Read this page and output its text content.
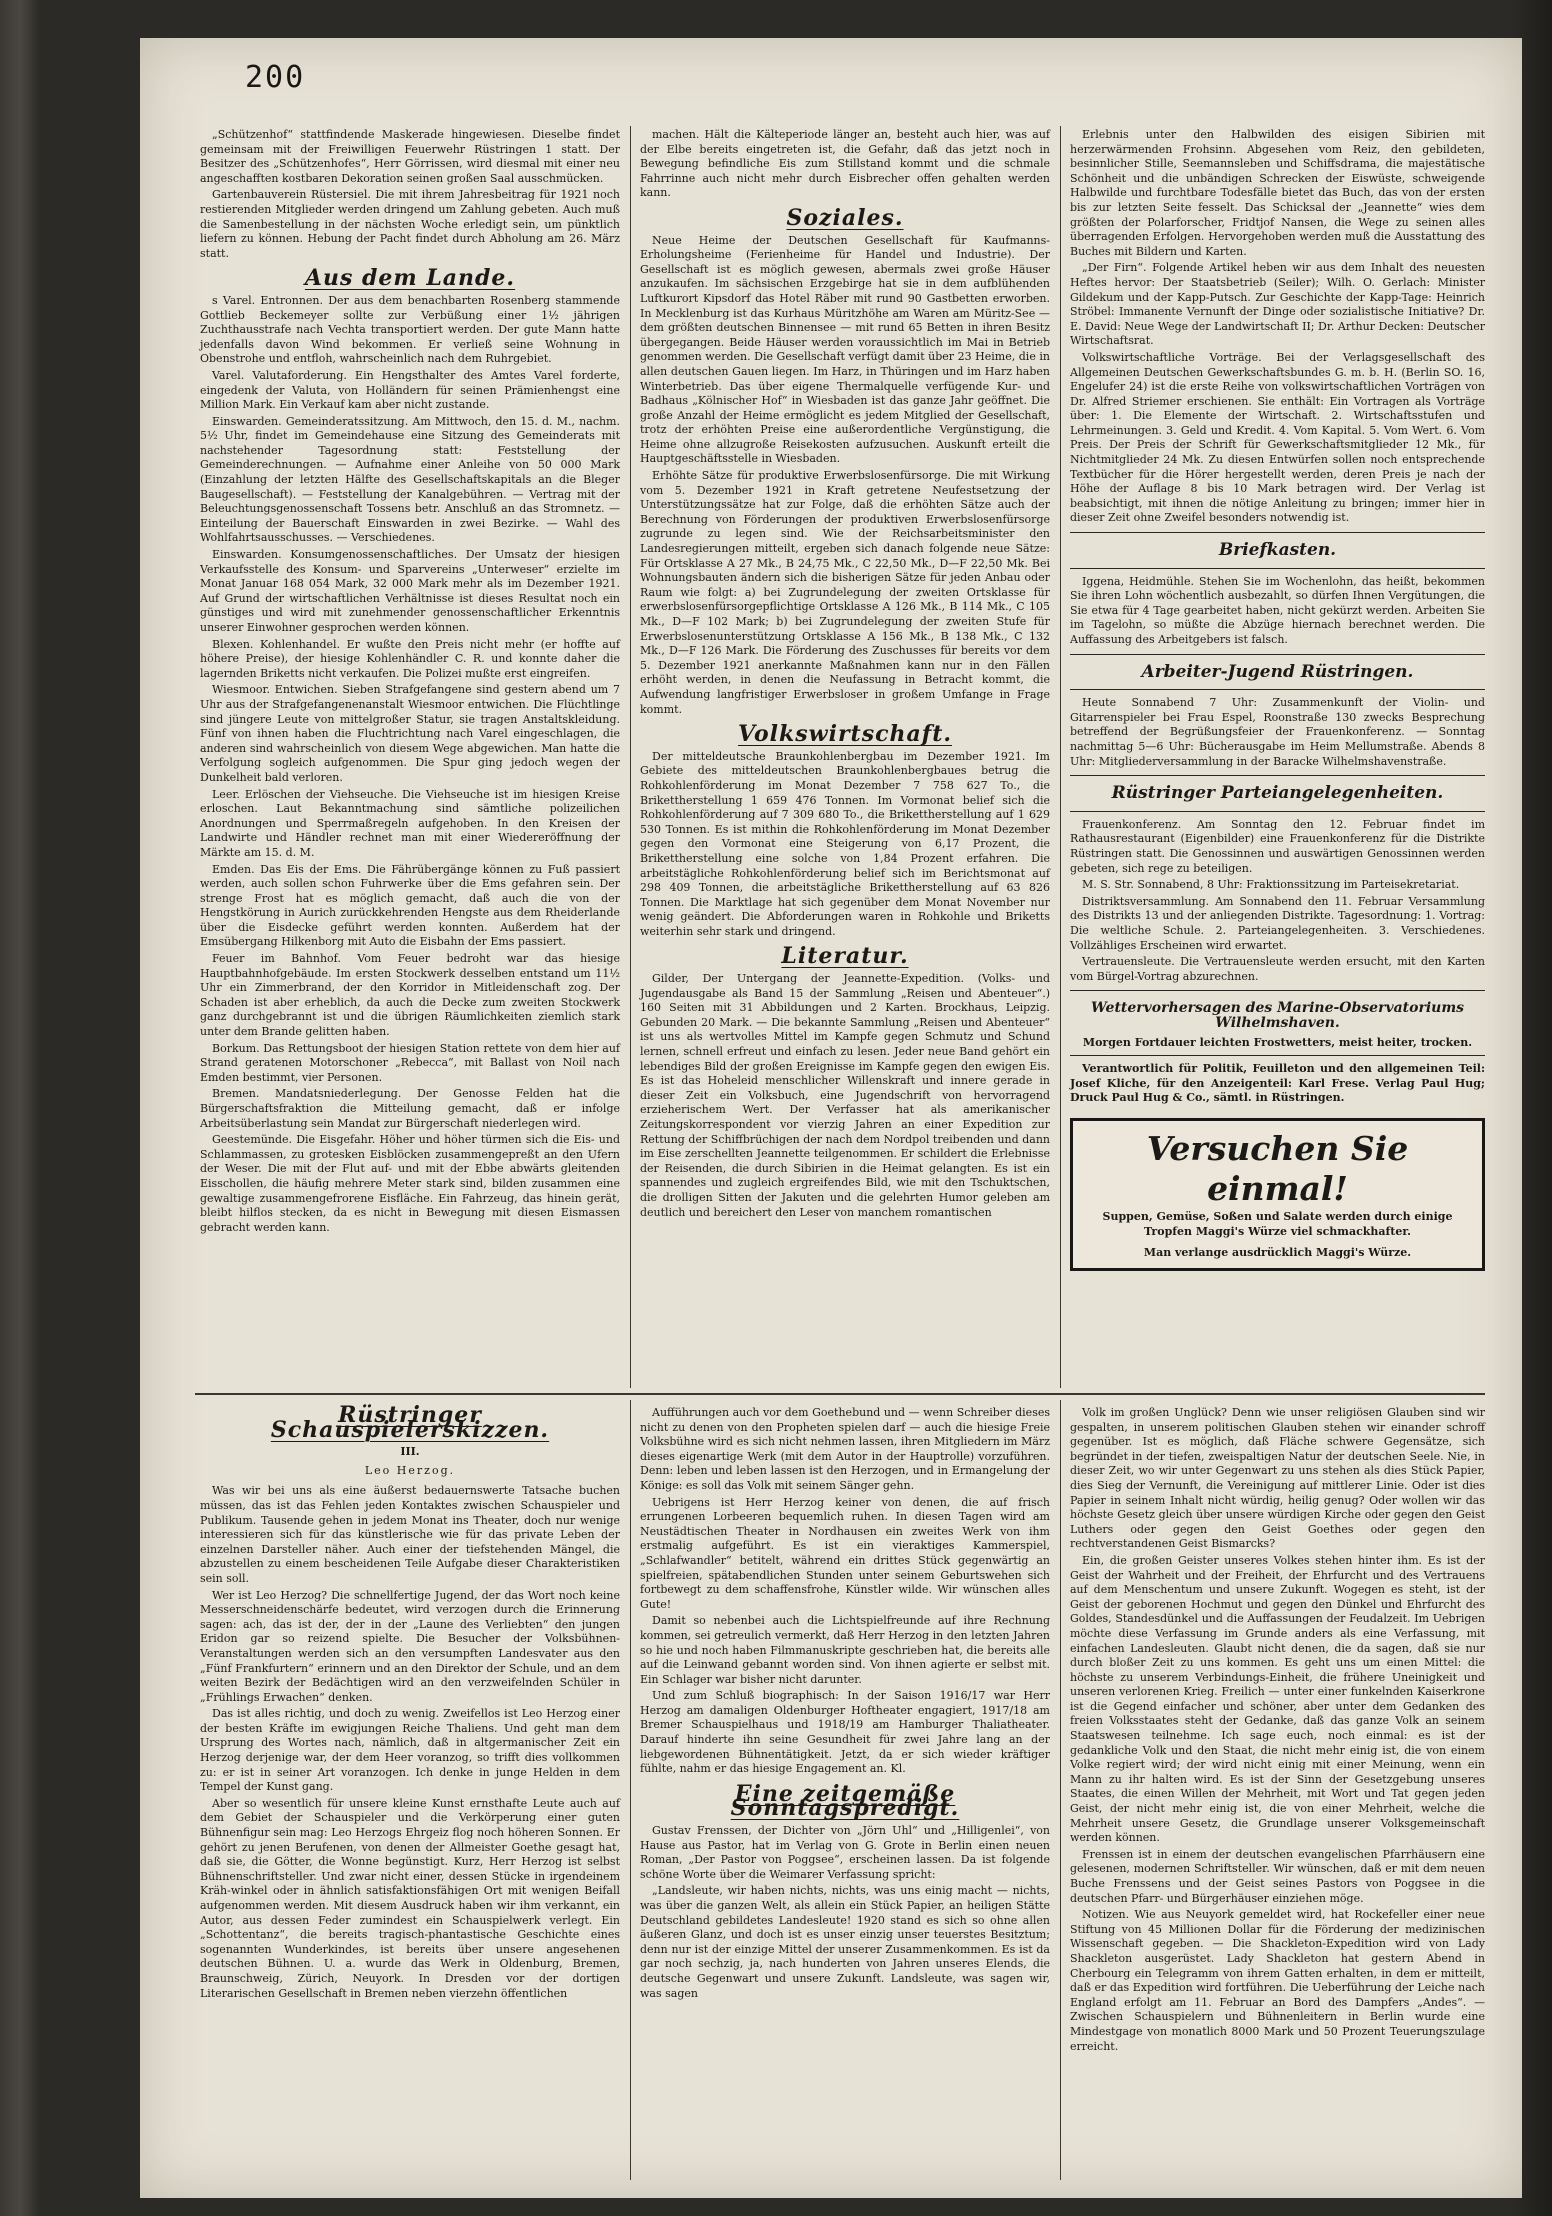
200

„Schützenhof“ stattfindende Maskerade hingewiesen. Dieselbe findet gemeinsam mit der Freiwilligen Feuerwehr Rüstringen 1 statt. Der Besitzer des „Schützenhofes“, Herr Görrissen, wird diesmal mit einer neu angeschafften kostbaren Dekoration seinen großen Saal ausschmücken.

Gartenbauverein Rüstersiel. Die mit ihrem Jahresbeitrag für 1921 noch restierenden Mitglieder werden dringend um Zahlung gebeten. Auch muß die Samenbestellung in der nächsten Woche erledigt sein, um pünktlich liefern zu können. Hebung der Pacht findet durch Abholung am 26. März statt.

Aus dem Lande.

s Varel. Entronnen. Der aus dem benachbarten Rosenberg stammende Gottlieb Beckemeyer sollte zur Verbüßung einer 1½ jährigen Zuchthausstrafe nach Vechta transportiert werden. Der gute Mann hatte jedenfalls davon Wind bekommen. Er verließ seine Wohnung in Obenstrohe und entfloh, wahrscheinlich nach dem Ruhrgebiet.

Varel. Valutaforderung. Ein Hengsthalter des Amtes Varel forderte, eingedenk der Valuta, von Holländern für seinen Prämienhengst eine Million Mark. Ein Verkauf kam aber nicht zustande.

Einswarden. Gemeinderatssitzung. Am Mittwoch, den 15. d. M., nachm. 5½ Uhr, findet im Gemeindehause eine Sitzung des Gemeinderats mit nachstehender Tagesordnung statt: Feststellung der Gemeinderechnungen. — Aufnahme einer Anleihe von 50 000 Mark (Einzahlung der letzten Hälfte des Gesellschaftskapitals an die Bleger Baugesellschaft). — Feststellung der Kanalgebühren. — Vertrag mit der Beleuchtungsgenossenschaft Tossens betr. Anschluß an das Stromnetz. — Einteilung der Bauerschaft Einswarden in zwei Bezirke. — Wahl des Wohlfahrtsausschusses. — Verschiedenes.

Einswarden. Konsumgenossenschaftliches. Der Umsatz der hiesigen Verkaufsstelle des Konsum- und Sparvereins „Unterweser“ erzielte im Monat Januar 168 054 Mark, 32 000 Mark mehr als im Dezember 1921. Auf Grund der wirtschaftlichen Verhältnisse ist dieses Resultat noch ein günstiges und wird mit zunehmender genossenschaftlicher Erkenntnis unserer Einwohner gesprochen werden können.

Blexen. Kohlenhandel. Er wußte den Preis nicht mehr (er hoffte auf höhere Preise), der hiesige Kohlenhändler C. R. und konnte daher die lagernden Briketts nicht verkaufen. Die Polizei mußte erst eingreifen.

Wiesmoor. Entwichen. Sieben Strafgefangene sind gestern abend um 7 Uhr aus der Strafgefangenenanstalt Wiesmoor entwichen. Die Flüchtlinge sind jüngere Leute von mittelgroßer Statur, sie tragen Anstaltskleidung. Fünf von ihnen haben die Fluchtrichtung nach Varel eingeschlagen, die anderen sind wahrscheinlich von diesem Wege abgewichen. Man hatte die Verfolgung sogleich aufgenommen. Die Spur ging jedoch wegen der Dunkelheit bald verloren.

Leer. Erlöschen der Viehseuche. Die Viehseuche ist im hiesigen Kreise erloschen. Laut Bekanntmachung sind sämtliche polizeilichen Anordnungen und Sperrmaßregeln aufgehoben. In den Kreisen der Landwirte und Händler rechnet man mit einer Wiedereröffnung der Märkte am 15. d. M.

Emden. Das Eis der Ems. Die Fährübergänge können zu Fuß passiert werden, auch sollen schon Fuhrwerke über die Ems gefahren sein. Der strenge Frost hat es möglich gemacht, daß auch die von der Hengstkörung in Aurich zurückkehrenden Hengste aus dem Rheiderlande über die Eisdecke geführt werden konnten. Außerdem hat der Emsübergang Hilkenborg mit Auto die Eisbahn der Ems passiert.

Feuer im Bahnhof. Vom Feuer bedroht war das hiesige Hauptbahnhofgebäude. Im ersten Stockwerk desselben entstand um 11½ Uhr ein Zimmerbrand, der den Korridor in Mitleidenschaft zog. Der Schaden ist aber erheblich, da auch die Decke zum zweiten Stockwerk ganz durchgebrannt ist und die übrigen Räumlichkeiten ziemlich stark unter dem Brande gelitten haben.

Borkum. Das Rettungsboot der hiesigen Station rettete von dem hier auf Strand geratenen Motorschoner „Rebecca“, mit Ballast von Noil nach Emden bestimmt, vier Personen.

Bremen. Mandatsniederlegung. Der Genosse Felden hat die Bürgerschaftsfraktion die Mitteilung gemacht, daß er infolge Arbeitsüberlastung sein Mandat zur Bürgerschaft niederlegen wird.

Geestemünde. Die Eisgefahr. Höher und höher türmen sich die Eis- und Schlammassen, zu grotesken Eisblöcken zusammengepreßt an den Ufern der Weser. Die mit der Flut auf- und mit der Ebbe abwärts gleitenden Eisschollen, die häufig mehrere Meter stark sind, bilden zusammen eine gewaltige zusammengefrorene Eisfläche. Ein Fahrzeug, das hinein gerät, bleibt hilflos stecken, da es nicht in Bewegung mit diesen Eismassen gebracht werden kann.

machen. Hält die Kälteperiode länger an, besteht auch hier, was auf der Elbe bereits eingetreten ist, die Gefahr, daß das jetzt noch in Bewegung befindliche Eis zum Stillstand kommt und die schmale Fahrrinne auch nicht mehr durch Eisbrecher offen gehalten werden kann.

Soziales.

Neue Heime der Deutschen Gesellschaft für Kaufmanns-Erholungsheime (Ferienheime für Handel und Industrie). Der Gesellschaft ist es möglich gewesen, abermals zwei große Häuser anzukaufen. Im sächsischen Erzgebirge hat sie in dem aufblühenden Luftkurort Kipsdorf das Hotel Räber mit rund 90 Gastbetten erworben. In Mecklenburg ist das Kurhaus Müritzhöhe am Waren am Müritz-See — dem größten deutschen Binnensee — mit rund 65 Betten in ihren Besitz übergegangen. Beide Häuser werden voraussichtlich im Mai in Betrieb genommen werden. Die Gesellschaft verfügt damit über 23 Heime, die in allen deutschen Gauen liegen. Im Harz, in Thüringen und im Harz haben Winterbetrieb. Das über eigene Thermalquelle verfügende Kur- und Badhaus „Kölnischer Hof“ in Wiesbaden ist das ganze Jahr geöffnet. Die große Anzahl der Heime ermöglicht es jedem Mitglied der Gesellschaft, trotz der erhöhten Preise eine außerordentliche Vergünstigung, die Heime ohne allzugroße Reisekosten aufzusuchen. Auskunft erteilt die Hauptgeschäftsstelle in Wiesbaden.

Erhöhte Sätze für produktive Erwerbslosenfürsorge. Die mit Wirkung vom 5. Dezember 1921 in Kraft getretene Neufestsetzung der Unterstützungssätze hat zur Folge, daß die erhöhten Sätze auch der Berechnung von Förderungen der produktiven Erwerbslosenfürsorge zugrunde zu legen sind. Wie der Reichsarbeitsminister den Landesregierungen mitteilt, ergeben sich danach folgende neue Sätze: Für Ortsklasse A 27 Mk., B 24,75 Mk., C 22,50 Mk., D—F 22,50 Mk. Bei Wohnungsbauten ändern sich die bisherigen Sätze für jeden Anbau oder Raum wie folgt: a) bei Zugrundelegung der zweiten Ortsklasse für erwerbslosenfürsorgepflichtige Ortsklasse A 126 Mk., B 114 Mk., C 105 Mk., D—F 102 Mark; b) bei Zugrundelegung der zweiten Stufe für Erwerbslosenunterstützung Ortsklasse A 156 Mk., B 138 Mk., C 132 Mk., D—F 126 Mark. Die Förderung des Zuschusses für bereits vor dem 5. Dezember 1921 anerkannte Maßnahmen kann nur in den Fällen erhöht werden, in denen die Neufassung in Betracht kommt, die Aufwendung langfristiger Erwerbsloser in großem Umfange in Frage kommt.

Volkswirtschaft.

Der mitteldeutsche Braunkohlenbergbau im Dezember 1921. Im Gebiete des mitteldeutschen Braunkohlenbergbaues betrug die Rohkohlenförderung im Monat Dezember 7 758 627 To., die Brikettherstellung 1 659 476 Tonnen. Im Vormonat belief sich die Rohkohlenförderung auf 7 309 680 To., die Brikettherstellung auf 1 629 530 Tonnen. Es ist mithin die Rohkohlenförderung im Monat Dezember gegen den Vormonat eine Steigerung von 6,17 Prozent, die Brikettherstellung eine solche von 1,84 Prozent erfahren. Die arbeitstägliche Rohkohlenförderung belief sich im Berichtsmonat auf 298 409 Tonnen, die arbeitstägliche Brikettherstellung auf 63 826 Tonnen. Die Marktlage hat sich gegenüber dem Monat November nur wenig geändert. Die Abforderungen waren in Rohkohle und Briketts weiterhin sehr stark und dringend.

Literatur.

Gilder, Der Untergang der Jeannette-Expedition. (Volks- und Jugendausgabe als Band 15 der Sammlung „Reisen und Abenteuer“.) 160 Seiten mit 31 Abbildungen und 2 Karten. Brockhaus, Leipzig. Gebunden 20 Mark. — Die bekannte Sammlung „Reisen und Abenteuer“ ist uns als wertvolles Mittel im Kampfe gegen Schmutz und Schund lernen, schnell erfreut und einfach zu lesen. Jeder neue Band gehört ein lebendiges Bild der großen Ereignisse im Kampfe gegen den ewigen Eis. Es ist das Hoheleid menschlicher Willenskraft und innere gerade in dieser Zeit ein Volksbuch, eine Jugendschrift von hervorragend erzieherischem Wert. Der Verfasser hat als amerikanischer Zeitungskorrespondent vor vierzig Jahren an einer Expedition zur Rettung der Schiffbrüchigen der nach dem Nordpol treibenden und dann im Eise zerschellten Jeannette teilgenommen. Er schildert die Erlebnisse der Reisenden, die durch Sibirien in die Heimat gelangten. Es ist ein spannendes und zugleich ergreifendes Bild, wie mit den Tschuktschen, die drolligen Sitten der Jakuten und die gelehrten Humor geleben am deutlich und bereichert den Leser von manchem romantischen

Erlebnis unter den Halbwilden des eisigen Sibirien mit herzerwärmenden Frohsinn. Abgesehen vom Reiz, den gebildeten, besinnlicher Stille, Seemannsleben und Schiffsdrama, die majestätische Schönheit und die unbändigen Schrecken der Eiswüste, schweigende Halbwilde und furchtbare Todesfälle bietet das Buch, das von der ersten bis zur letzten Seite fesselt. Das Schicksal der „Jeannette“ wies dem größten der Polarforscher, Fridtjof Nansen, die Wege zu seinen alles überragenden Erfolgen. Hervorgehoben werden muß die Ausstattung des Buches mit Bildern und Karten.

„Der Firn“. Folgende Artikel heben wir aus dem Inhalt des neuesten Heftes hervor: Der Staatsbetrieb (Seiler); Wilh. O. Gerlach: Minister Gildekum und der Kapp-Putsch. Zur Geschichte der Kapp-Tage: Heinrich Ströbel: Immanente Vernunft der Dinge oder sozialistische Initiative? Dr. E. David: Neue Wege der Landwirtschaft II; Dr. Arthur Decken: Deutscher Wirtschaftsrat.

Volkswirtschaftliche Vorträge. Bei der Verlagsgesellschaft des Allgemeinen Deutschen Gewerkschaftsbundes G. m. b. H. (Berlin SO. 16, Engelufer 24) ist die erste Reihe von volkswirtschaftlichen Vorträgen von Dr. Alfred Striemer erschienen. Sie enthält: Ein Vortragen als Vorträge über: 1. Die Elemente der Wirtschaft. 2. Wirtschaftsstufen und Lehrmeinungen. 3. Geld und Kredit. 4. Vom Kapital. 5. Vom Wert. 6. Vom Preis. Der Preis der Schrift für Gewerkschaftsmitglieder 12 Mk., für Nichtmitglieder 24 Mk. Zu diesen Entwürfen sollen noch entsprechende Textbücher für die Hörer hergestellt werden, deren Preis je nach der Höhe der Auflage 8 bis 10 Mark betragen wird. Der Verlag ist beabsichtigt, mit ihnen die nötige Anleitung zu bringen; immer hier in dieser Zeit ohne Zweifel besonders notwendig ist.

Briefkasten.

Iggena, Heidmühle. Stehen Sie im Wochenlohn, das heißt, bekommen Sie ihren Lohn wöchentlich ausbezahlt, so dürfen Ihnen Vergütungen, die Sie etwa für 4 Tage gearbeitet haben, nicht gekürzt werden. Arbeiten Sie im Tagelohn, so müßte die Abzüge hiernach berechnet werden. Die Auffassung des Arbeitgebers ist falsch.

Arbeiter-Jugend Rüstringen.

Heute Sonnabend 7 Uhr: Zusammenkunft der Violin- und Gitarrenspieler bei Frau Espel, Roonstraße 130 zwecks Besprechung betreffend der Begrüßungsfeier der Frauenkonferenz. — Sonntag nachmittag 5—6 Uhr: Bücherausgabe im Heim Mellumstraße. Abends 8 Uhr: Mitgliederversammlung in der Baracke Wilhelmshavenstraße.

Rüstringer Parteiangelegenheiten.

Frauenkonferenz. Am Sonntag den 12. Februar findet im Rathausrestaurant (Eigenbilder) eine Frauenkonferenz für die Distrikte Rüstringen statt. Die Genossinnen und auswärtigen Genossinnen werden gebeten, sich rege zu beteiligen.

M. S. Str. Sonnabend, 8 Uhr: Fraktionssitzung im Parteisekretariat.

Distriktsversammlung. Am Sonnabend den 11. Februar Versammlung des Distrikts 13 und der anliegenden Distrikte. Tagesordnung: 1. Vortrag: Die weltliche Schule. 2. Parteiangelegenheiten. 3. Verschiedenes. Vollzähliges Erscheinen wird erwartet.

Vertrauensleute. Die Vertrauensleute werden ersucht, mit den Karten vom Bürgel-Vortrag abzurechnen.

Wettervorhersagen des Marine-Observatoriums Wilhelmshaven.
Morgen Fortdauer leichten Frostwetters, meist heiter, trocken.

Verantwortlich für Politik, Feuilleton und den allgemeinen Teil: Josef Kliche, für den Anzeigenteil: Karl Frese. Verlag Paul Hug; Druck Paul Hug & Co., sämtl. in Rüstringen.

Versuchen Sie einmal!
Suppen, Gemüse, Soßen und Salate werden durch einige Tropfen Maggi's Würze viel schmackhafter.
Man verlange ausdrücklich Maggi's Würze.
Rüstringer Schauspielerskizzen.
III.
Leo Herzog.

Was wir bei uns als eine äußerst bedauernswerte Tatsache buchen müssen, das ist das Fehlen jeden Kontaktes zwischen Schauspieler und Publikum. Tausende gehen in jedem Monat ins Theater, doch nur wenige interessieren sich für das künstlerische wie für das private Leben der einzelnen Darsteller näher. Auch einer der tiefstehenden Mängel, die abzustellen zu einem bescheidenen Teile Aufgabe dieser Charakteristiken sein soll.

Wer ist Leo Herzog? Die schnellfertige Jugend, der das Wort noch keine Messerschneidenschärfe bedeutet, wird verzogen durch die Erinnerung sagen: ach, das ist der, der in der „Laune des Verliebten“ den jungen Eridon gar so reizend spielte. Die Besucher der Volksbühnen-Veranstaltungen werden sich an den versumpften Landesvater aus den „Fünf Frankfurtern“ erinnern und an den Direktor der Schule, und an dem weiten Bezirk der Bedächtigen wird an den verzweifelnden Schüler in „Frühlings Erwachen“ denken.

Das ist alles richtig, und doch zu wenig. Zweifellos ist Leo Herzog einer der besten Kräfte im ewigjungen Reiche Thaliens. Und geht man dem Ursprung des Wortes nach, nämlich, daß in altgermanischer Zeit ein Herzog derjenige war, der dem Heer voranzog, so trifft dies vollkommen zu: er ist in seiner Art voranzogen. Ich denke in junge Helden in dem Tempel der Kunst gang.

Aber so wesentlich für unsere kleine Kunst ernsthafte Leute auch auf dem Gebiet der Schauspieler und die Verkörperung einer guten Bühnenfigur sein mag: Leo Herzogs Ehrgeiz flog noch höheren Sonnen. Er gehört zu jenen Berufenen, von denen der Allmeister Goethe gesagt hat, daß sie, die Götter, die Wonne begünstigt. Kurz, Herr Herzog ist selbst Bühnenschriftsteller. Und zwar nicht einer, dessen Stücke in irgendeinem Kräh-winkel oder in ähnlich satisfaktionsfähigen Ort mit wenigen Beifall aufgenommen werden. Mit diesem Ausdruck haben wir ihm verkannt, ein Autor, aus dessen Feder zumindest ein Schauspielwerk verlegt. Ein „Schottentanz“, die bereits tragisch-phantastische Geschichte eines sogenannten Wunderkindes, ist bereits über unsere angesehenen deutschen Bühnen. U. a. wurde das Werk in Oldenburg, Bremen, Braunschweig, Zürich, Neuyork. In Dresden vor der dortigen Literarischen Gesellschaft in Bremen neben vierzehn öffentlichen

Aufführungen auch vor dem Goethebund und — wenn Schreiber dieses nicht zu denen von den Propheten spielen darf — auch die hiesige Freie Volksbühne wird es sich nicht nehmen lassen, ihren Mitgliedern im März dieses eigenartige Werk (mit dem Autor in der Hauptrolle) vorzuführen. Denn: leben und leben lassen ist den Herzogen, und in Ermangelung der Könige: es soll das Volk mit seinem Sänger gehn.

Uebrigens ist Herr Herzog keiner von denen, die auf frisch errungenen Lorbeeren bequemlich ruhen. In diesen Tagen wird am Neustädtischen Theater in Nordhausen ein zweites Werk von ihm erstmalig aufgeführt. Es ist ein vieraktiges Kammerspiel, „Schlafwandler“ betitelt, während ein drittes Stück gegenwärtig an spielfreien, spätabendlichen Stunden unter seinem Geburtswehen sich fortbewegt zu dem schaffensfrohe, Künstler wilde. Wir wünschen alles Gute!

Damit so nebenbei auch die Lichtspielfreunde auf ihre Rechnung kommen, sei getreulich vermerkt, daß Herr Herzog in den letzten Jahren so hie und noch haben Filmmanuskripte geschrieben hat, die bereits alle auf die Leinwand gebannt worden sind. Von ihnen agierte er selbst mit. Ein Schlager war bisher nicht darunter.

Und zum Schluß biographisch: In der Saison 1916/17 war Herr Herzog am damaligen Oldenburger Hoftheater engagiert, 1917/18 am Bremer Schauspielhaus und 1918/19 am Hamburger Thaliatheater. Darauf hinderte ihn seine Gesundheit für zwei Jahre lang an der liebgewordenen Bühnentätigkeit. Jetzt, da er sich wieder kräftiger fühlte, nahm er das hiesige Engagement an. Kl.

Eine zeitgemäße Sonntagspredigt.

Gustav Frenssen, der Dichter von „Jörn Uhl“ und „Hilligenlei“, von Hause aus Pastor, hat im Verlag von G. Grote in Berlin einen neuen Roman, „Der Pastor von Poggsee“, erscheinen lassen. Da ist folgende schöne Worte über die Weimarer Verfassung spricht:

„Landsleute, wir haben nichts, nichts, was uns einig macht — nichts, was über die ganzen Welt, als allein ein Stück Papier, an heiligen Stätte Deutschland gebildetes Landesleute! 1920 stand es sich so ohne allen äußeren Glanz, und doch ist es unser einzig unser teuerstes Besitztum; denn nur ist der einzige Mittel der unserer Zusammenkommen. Es ist da gar noch sechzig, ja, nach hunderten von Jahren unseres Elends, die deutsche Gegenwart und unsere Zukunft. Landsleute, was sagen wir, was sagen

Volk im großen Unglück? Denn wie unser religiösen Glauben sind wir gespalten, in unserem politischen Glauben stehen wir einander schroff gegenüber. Ist es möglich, daß Fläche schwere Gegensätze, sich begründet in der tiefen, zweispaltigen Natur der deutschen Seele. Nie, in dieser Zeit, wo wir unter Gegenwart zu uns stehen als dies Stück Papier, dies Sieg der Vernunft, die Vereinigung auf mittlerer Linie. Oder ist dies Papier in seinem Inhalt nicht würdig, heilig genug? Oder wollen wir das höchste Gesetz gleich über unsere würdigen Kirche oder gegen den Geist Luthers oder gegen den Geist Goethes oder gegen den rechtverstandenen Geist Bismarcks?

Ein, die großen Geister unseres Volkes stehen hinter ihm. Es ist der Geist der Wahrheit und der Freiheit, der Ehrfurcht und des Vertrauens auf dem Menschentum und unsere Zukunft. Wogegen es steht, ist der Geist der geborenen Hochmut und gegen den Dünkel und Ehrfurcht des Goldes, Standesdünkel und die Auffassungen der Feudalzeit. Im Uebrigen möchte diese Verfassung im Grunde anders als eine Verfassung, mit einfachen Landesleuten. Glaubt nicht denen, die da sagen, daß sie nur durch bloßer Zeit zu uns kommen. Es geht uns um einen Mittel: die höchste zu unserem Verbindungs-Einheit, die frühere Uneinigkeit und unseren verlorenen Krieg. Freilich — unter einer funkelnden Kaiserkrone ist die Gegend einfacher und schöner, aber unter dem Gedanken des freien Volksstaates steht der Gedanke, daß das ganze Volk an seinem Staatswesen teilnehme. Ich sage euch, noch einmal: es ist der gedankliche Volk und den Staat, die nicht mehr einig ist, die von einem Volke regiert wird; der wird nicht einig mit einer Meinung, wenn ein Mann zu ihr halten wird. Es ist der Sinn der Gesetzgebung unseres Staates, die einen Willen der Mehrheit, mit Wort und Tat gegen jeden Geist, der nicht mehr einig ist, die von einer Mehrheit, welche die Mehrheit unsere Gesetz, die Grundlage unserer Volksgemeinschaft werden können.

Frenssen ist in einem der deutschen evangelischen Pfarrhäusern eine gelesenen, modernen Schriftsteller. Wir wünschen, daß er mit dem neuen Buche Frenssens und der Geist seines Pastors von Poggsee in die deutschen Pfarr- und Bürgerhäuser einziehen möge.

Notizen. Wie aus Neuyork gemeldet wird, hat Rockefeller einer neue Stiftung von 45 Millionen Dollar für die Förderung der medizinischen Wissenschaft gegeben. — Die Shackleton-Expedition wird von Lady Shackleton ausgerüstet. Lady Shackleton hat gestern Abend in Cherbourg ein Telegramm von ihrem Gatten erhalten, in dem er mitteilt, daß er das Expedition wird fortführen. Die Ueberführung der Leiche nach England erfolgt am 11. Februar an Bord des Dampfers „Andes“. — Zwischen Schauspielern und Bühnenleitern in Berlin wurde eine Mindestgage von monatlich 8000 Mark und 50 Prozent Teuerungszulage erreicht.
